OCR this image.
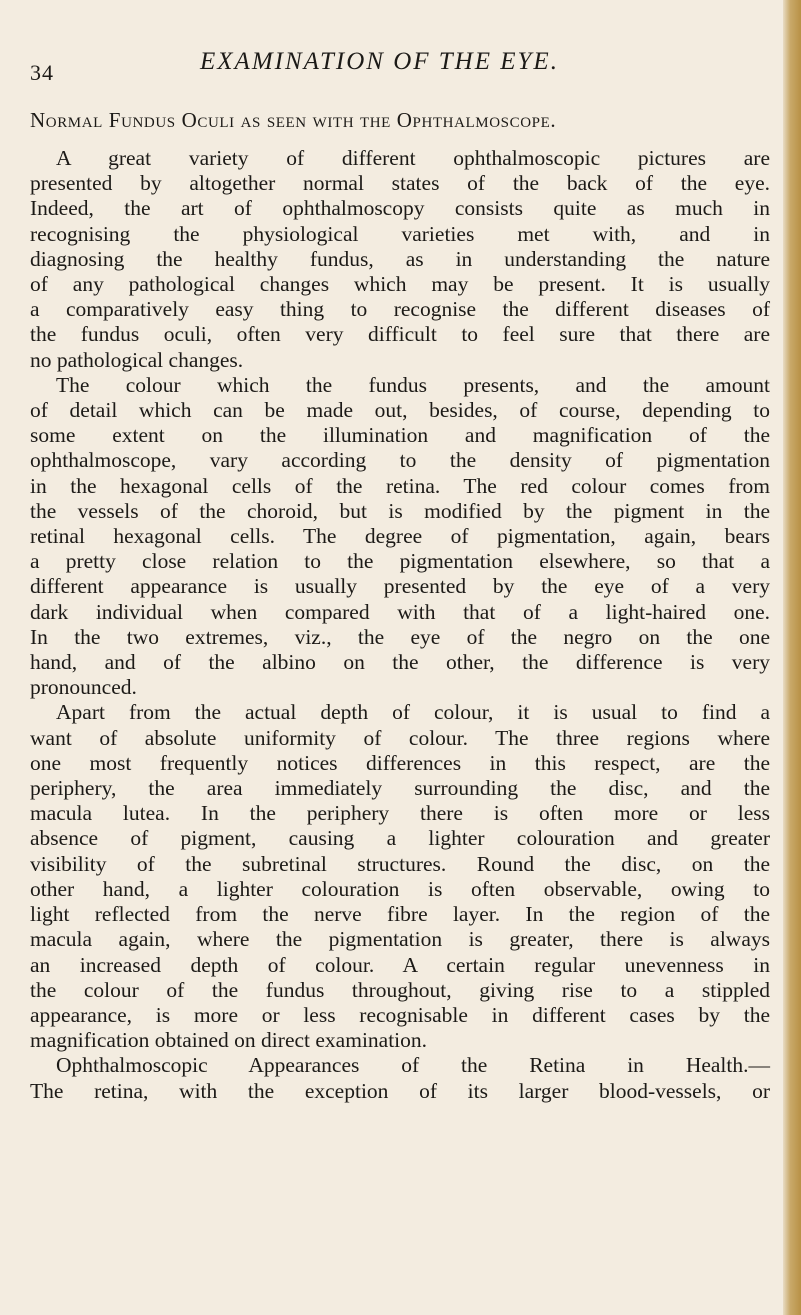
34	EXAMINATION OF THE EYE.
Normal Fundus Oculi as seen with the Ophthalmoscope.
A great variety of different ophthalmoscopic pictures are
presented by altogether normal states of the back of the eye.
Indeed, the art of ophthalmoscopy consists quite as much in
recognising the physiological varieties met with, and in
diagnosing the healthy fundus, as in understanding the nature
of any pathological changes which may be present. It is usually
a comparatively easy thing to recognise the different diseases of
the fundus oculi, often very difficult to feel sure that there are
no pathological changes.
The colour which the fundus presents, and the amount
of detail which can be made out, besides, of course, depending to
some extent on the illumination and magnification of the
ophthalmoscope, vary according to the density of pigmentation
in the hexagonal cells of the retina. The red colour comes from
the vessels of the choroid, but is modified by the pigment in the
retinal hexagonal cells. The degree of pigmentation, again, bears
a pretty close relation to the pigmentation elsewhere, so that a
different appearance is usually presented by the eye of a very
dark individual when compared with that of a light-haired one.
In the two extremes, viz., the eye of the negro on the one
hand, and of the albino on the other, the difference is very
pronounced.
Apart from the actual depth of colour, it is usual to find a
want of absolute uniformity of colour. The three regions where
one most frequently notices differences in this respect, are the
periphery, the area immediately surrounding the disc, and the
macula lutea. In the periphery there is often more or less
absence of pigment, causing a lighter colouration and greater
visibility of the subretinal structures. Round the disc, on the
other hand, a lighter colouration is often observable, owing to
light reflected from the nerve fibre layer. In the region of the
macula again, where the pigmentation is greater, there is always
an increased depth of colour. A certain regular unevenness in
the colour of the fundus throughout, giving rise to a stippled
appearance, is more or less recognisable in different cases by the
magnification obtained on direct examination.
Ophthalmoscopic Appearances of the Retina in Health.—
The retina, with the exception of its larger blood-vessels, or
